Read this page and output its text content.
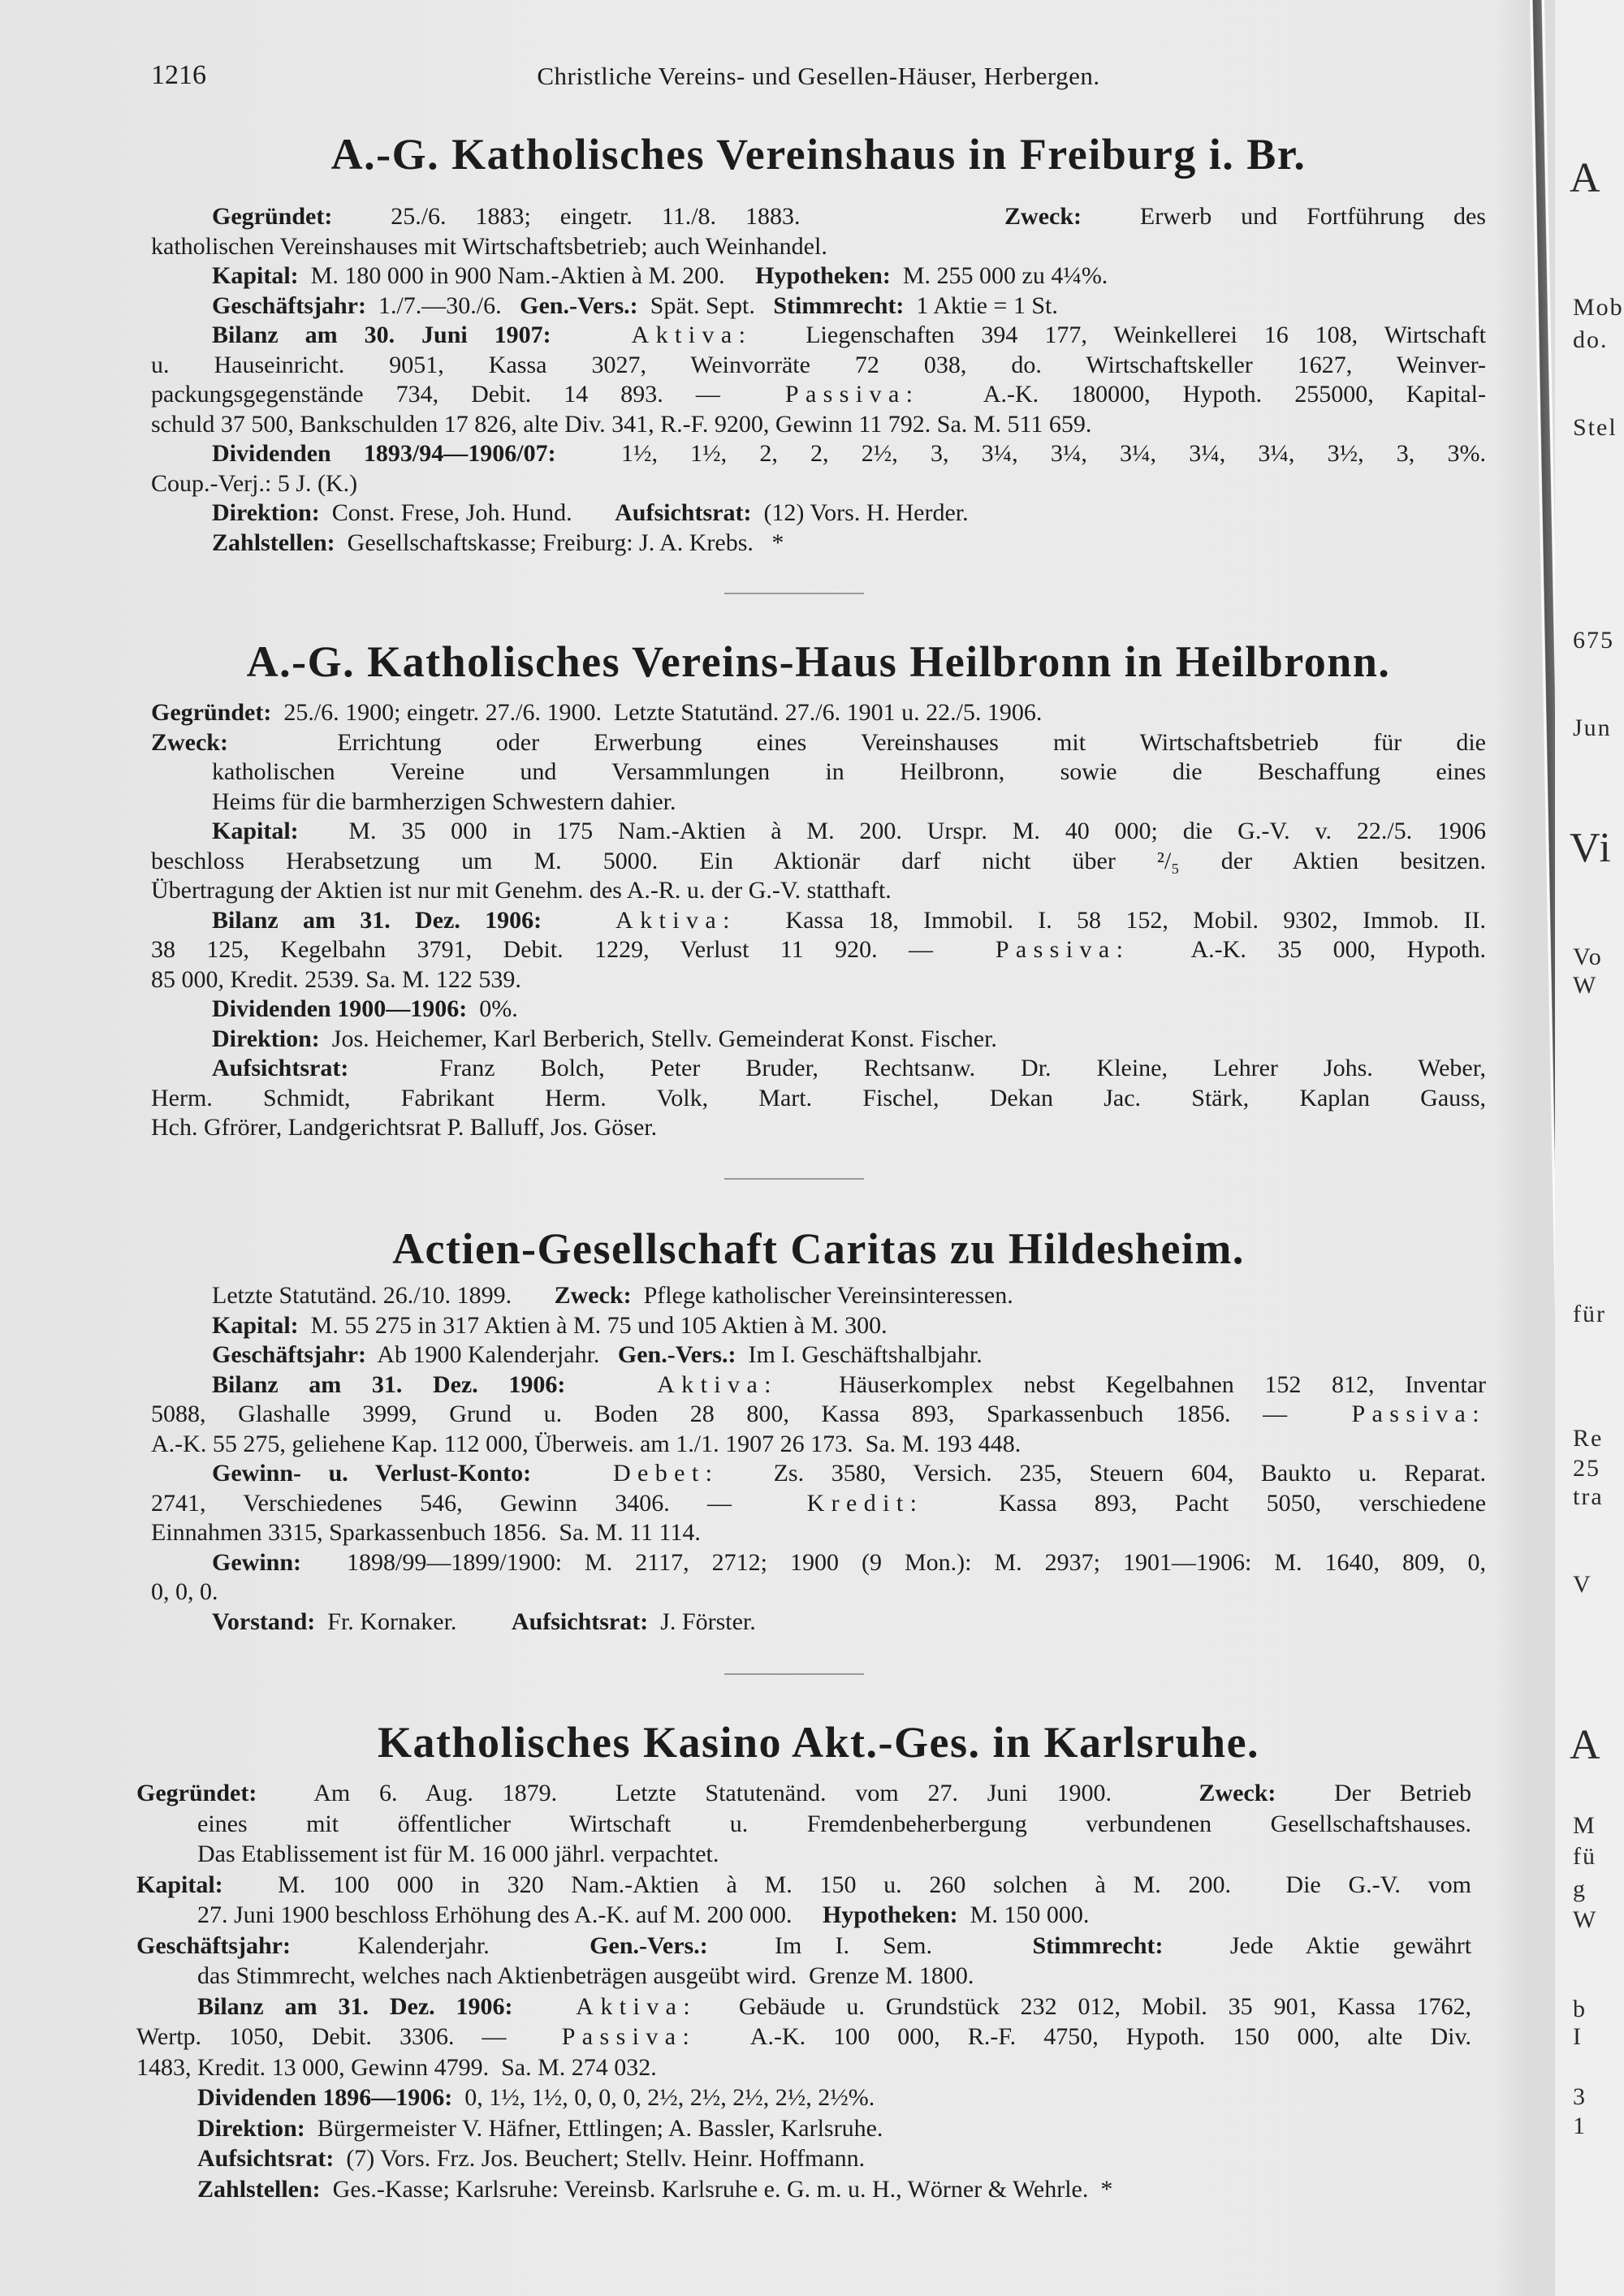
A
Mob
do.
Stel
675
Jun
Vi
Vo
W
für
Re
25
tra
V
A
M
fü
g
W
b
I
3
1
1216	Christliche Vereins- und Gesellen-Häuser, Herbergen.
A.-G. Katholisches Vereinshaus in Freiburg i. Br.
Gegründet:  25./6. 1883; eingetr. 11./8. 1883.       Zweck:  Erwerb und Fortführung des
katholischen Vereinshauses mit Wirtschaftsbetrieb; auch Weinhandel.
Kapital:  M. 180 000 in 900 Nam.-Aktien à M. 200.     Hypotheken:  M. 255 000 zu 4¼%.
Geschäftsjahr:  1./7.—30./6.   Gen.-Vers.:  Spät. Sept.   Stimmrecht:  1 Aktie = 1 St.
Bilanz am 30. Juni 1907:	Aktiva:  Liegenschaften 394 177, Weinkellerei 16 108, Wirtschaft
u. Hauseinricht. 9051, Kassa 3027, Weinvorräte 72 038, do. Wirtschaftskeller 1627, Weinver-
packungsgegenstände 734, Debit. 14 893. —  Passiva:  A.-K. 180000, Hypoth. 255000, Kapital-
schuld 37 500, Bankschulden 17 826, alte Div. 341, R.-F. 9200, Gewinn 11 792. Sa. M. 511 659.
Dividenden 1893/94—1906/07:  1½, 1½, 2, 2, 2½, 3, 3¼, 3¼, 3¼, 3¼, 3¼, 3½, 3, 3%.
Coup.-Verj.: 5 J. (K.)
Direktion:  Const. Frese, Joh. Hund.       Aufsichtsrat:  (12) Vors. H. Herder.
Zahlstellen:  Gesellschaftskasse; Freiburg: J. A. Krebs.   *
A.-G. Katholisches Vereins-Haus Heilbronn in Heilbronn.
Gegründet:  25./6. 1900; eingetr. 27./6. 1900.  Letzte Statutänd. 27./6. 1901 u. 22./5. 1906.
Zweck:  Errichtung oder Erwerbung eines Vereinshauses mit Wirtschaftsbetrieb für die
katholischen Vereine und Versammlungen in Heilbronn, sowie die Beschaffung eines
Heims für die barmherzigen Schwestern dahier.
Kapital:  M. 35 000 in 175 Nam.-Aktien à M. 200. Urspr. M. 40 000; die G.-V. v. 22./5. 1906
beschloss Herabsetzung um M. 5000. Ein Aktionär darf nicht über ²/₅ der Aktien besitzen.
Übertragung der Aktien ist nur mit Genehm. des A.-R. u. der G.-V. statthaft.
Bilanz am 31. Dez. 1906:	Aktiva:  Kassa 18, Immobil. I. 58 152, Mobil. 9302, Immob. II.
38 125, Kegelbahn 3791, Debit. 1229, Verlust 11 920. —  Passiva:  A.-K. 35 000, Hypoth.
85 000, Kredit. 2539. Sa. M. 122 539.
Dividenden 1900—1906:  0%.
Direktion:  Jos. Heichemer, Karl Berberich, Stellv. Gemeinderat Konst. Fischer.
Aufsichtsrat:  Franz Bolch, Peter Bruder, Rechtsanw. Dr. Kleine, Lehrer Johs. Weber,
Herm. Schmidt, Fabrikant Herm. Volk, Mart. Fischel, Dekan Jac. Stärk, Kaplan Gauss,
Hch. Gfrörer, Landgerichtsrat P. Balluff, Jos. Göser.
Actien-Gesellschaft Caritas zu Hildesheim.
Letzte Statutänd. 26./10. 1899.       Zweck:  Pflege katholischer Vereinsinteressen.
Kapital:  M. 55 275 in 317 Aktien à M. 75 und 105 Aktien à M. 300.
Geschäftsjahr:  Ab 1900 Kalenderjahr.   Gen.-Vers.:  Im I. Geschäftshalbjahr.
Bilanz am 31. Dez. 1906:	Aktiva:  Häuserkomplex nebst Kegelbahnen 152 812, Inventar
5088, Glashalle 3999, Grund u. Boden 28 800, Kassa 893, Sparkassenbuch 1856. —  Passiva:
A.-K. 55 275, geliehene Kap. 112 000, Überweis. am 1./1. 1907 26 173.  Sa. M. 193 448.
Gewinn- u. Verlust-Konto:	Debet:  Zs. 3580, Versich. 235, Steuern 604, Baukto u. Reparat.
2741, Verschiedenes 546, Gewinn 3406. —  Kredit:  Kassa 893, Pacht 5050, verschiedene
Einnahmen 3315, Sparkassenbuch 1856.  Sa. M. 11 114.
Gewinn:  1898/99—1899/1900: M. 2117, 2712; 1900 (9 Mon.): M. 2937; 1901—1906: M. 1640, 809, 0,
0, 0, 0.
Vorstand:  Fr. Kornaker.         Aufsichtsrat:  J. Förster.
Katholisches Kasino Akt.-Ges. in Karlsruhe.
Gegründet:  Am 6. Aug. 1879.  Letzte Statutenänd. vom 27. Juni 1900.   Zweck:  Der Betrieb
eines mit öffentlicher Wirtschaft u. Fremdenbeherbergung verbundenen Gesellschaftshauses.
Das Etablissement ist für M. 16 000 jährl. verpachtet.
Kapital:  M. 100 000 in 320 Nam.-Aktien à M. 150 u. 260 solchen à M. 200.  Die G.-V. vom
27. Juni 1900 beschloss Erhöhung des A.-K. auf M. 200 000.     Hypotheken:  M. 150 000.
Geschäftsjahr:  Kalenderjahr.   Gen.-Vers.:  Im I. Sem.   Stimmrecht:  Jede Aktie gewährt
das Stimmrecht, welches nach Aktienbeträgen ausgeübt wird.  Grenze M. 1800.
Bilanz am 31. Dez. 1906:	Aktiva:  Gebäude u. Grundstück 232 012, Mobil. 35 901, Kassa 1762,
Wertp. 1050, Debit. 3306. —  Passiva:  A.-K. 100 000, R.-F. 4750, Hypoth. 150 000, alte Div.
1483, Kredit. 13 000, Gewinn 4799.  Sa. M. 274 032.
Dividenden 1896—1906:  0, 1½, 1½, 0, 0, 0, 2½, 2½, 2½, 2½, 2½%.
Direktion:  Bürgermeister V. Häfner, Ettlingen; A. Bassler, Karlsruhe.
Aufsichtsrat:  (7) Vors. Frz. Jos. Beuchert; Stellv. Heinr. Hoffmann.
Zahlstellen:  Ges.-Kasse; Karlsruhe: Vereinsb. Karlsruhe e. G. m. u. H., Wörner & Wehrle.  *
